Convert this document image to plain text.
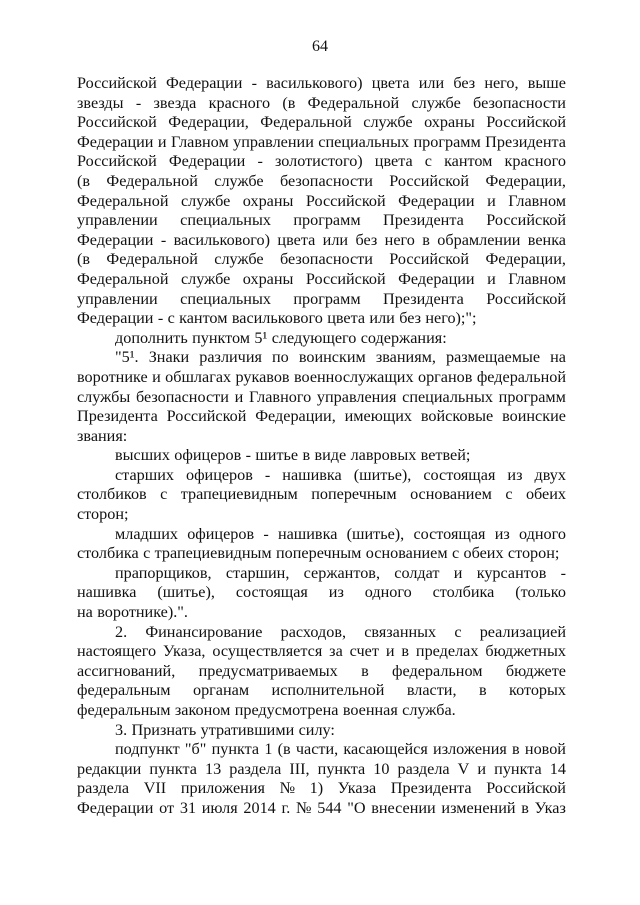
64
Российской Федерации - василькового) цвета или без него, выше
звезды - звезда красного (в Федеральной службе безопасности
Российской Федерации, Федеральной службе охраны Российской
Федерации и Главном управлении специальных программ Президента
Российской Федерации - золотистого) цвета с кантом красного
(в Федеральной службе безопасности Российской Федерации,
Федеральной службе охраны Российской Федерации и Главном
управлении специальных программ Президента Российской
Федерации - василькового) цвета или без него в обрамлении венка
(в Федеральной службе безопасности Российской Федерации,
Федеральной службе охраны Российской Федерации и Главном
управлении специальных программ Президента Российской
Федерации - с кантом василькового цвета или без него);";
дополнить пунктом 5¹ следующего содержания:
"5¹. Знаки различия по воинским званиям, размещаемые на
воротнике и обшлагах рукавов военнослужащих органов федеральной
службы безопасности и Главного управления специальных программ
Президента Российской Федерации, имеющих войсковые воинские
звания:
высших офицеров - шитье в виде лавровых ветвей;
старших офицеров - нашивка (шитье), состоящая из двух
столбиков с трапециевидным поперечным основанием с обеих
сторон;
младших офицеров - нашивка (шитье), состоящая из одного
столбика с трапециевидным поперечным основанием с обеих сторон;
прапорщиков, старшин, сержантов, солдат и курсантов -
нашивка (шитье), состоящая из одного столбика (только
на воротнике).".
2. Финансирование расходов, связанных с реализацией
настоящего Указа, осуществляется за счет и в пределах бюджетных
ассигнований, предусматриваемых в федеральном бюджете
федеральным органам исполнительной власти, в которых
федеральным законом предусмотрена военная служба.
3. Признать утратившими силу:
подпункт "б" пункта 1 (в части, касающейся изложения в новой
редакции пункта 13 раздела III, пункта 10 раздела V и пункта 14
раздела VII приложения № 1) Указа Президента Российской
Федерации от 31 июля 2014 г. № 544 "О внесении изменений в Указ
